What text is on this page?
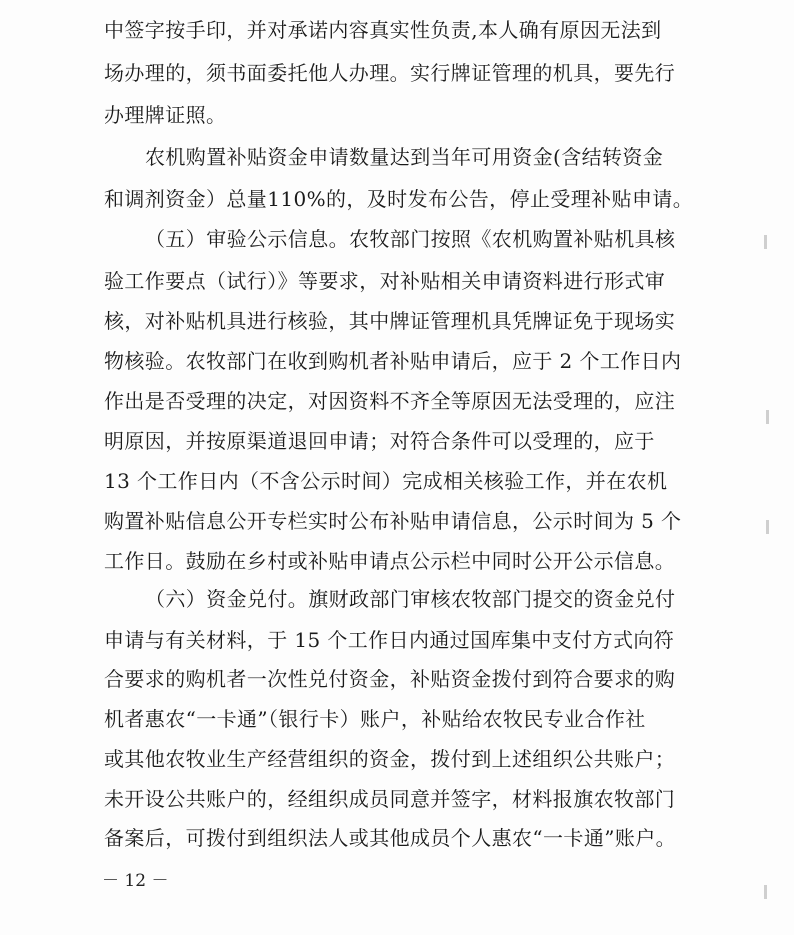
中签字按手印，并对承诺内容真实性负责,本人确有原因无法到
场办理的，须书面委托他人办理。实行牌证管理的机具，要先行
办理牌证照。
农机购置补贴资金申请数量达到当年可用资金(含结转资金
和调剂资金）总量110%的，及时发布公告，停止受理补贴申请。
（五）审验公示信息。农牧部门按照《农机购置补贴机具核
验工作要点（试行）》等要求，对补贴相关申请资料进行形式审
核，对补贴机具进行核验，其中牌证管理机具凭牌证免于现场实
物核验。农牧部门在收到购机者补贴申请后，应于 2 个工作日内
作出是否受理的决定，对因资料不齐全等原因无法受理的，应注
明原因，并按原渠道退回申请；对符合条件可以受理的，应于
13 个工作日内（不含公示时间）完成相关核验工作，并在农机
购置补贴信息公开专栏实时公布补贴申请信息，公示时间为 5 个
工作日。鼓励在乡村或补贴申请点公示栏中同时公开公示信息。
（六）资金兑付。旗财政部门审核农牧部门提交的资金兑付
申请与有关材料，于 15 个工作日内通过国库集中支付方式向符
合要求的购机者一次性兑付资金，补贴资金拨付到符合要求的购
机者惠农“一卡通”（银行卡）账户，补贴给农牧民专业合作社
或其他农牧业生产经营组织的资金，拨付到上述组织公共账户；
未开设公共账户的，经组织成员同意并签字，材料报旗农牧部门
备案后，可拨付到组织法人或其他成员个人惠农“一卡通”账户。
－ 12 －
